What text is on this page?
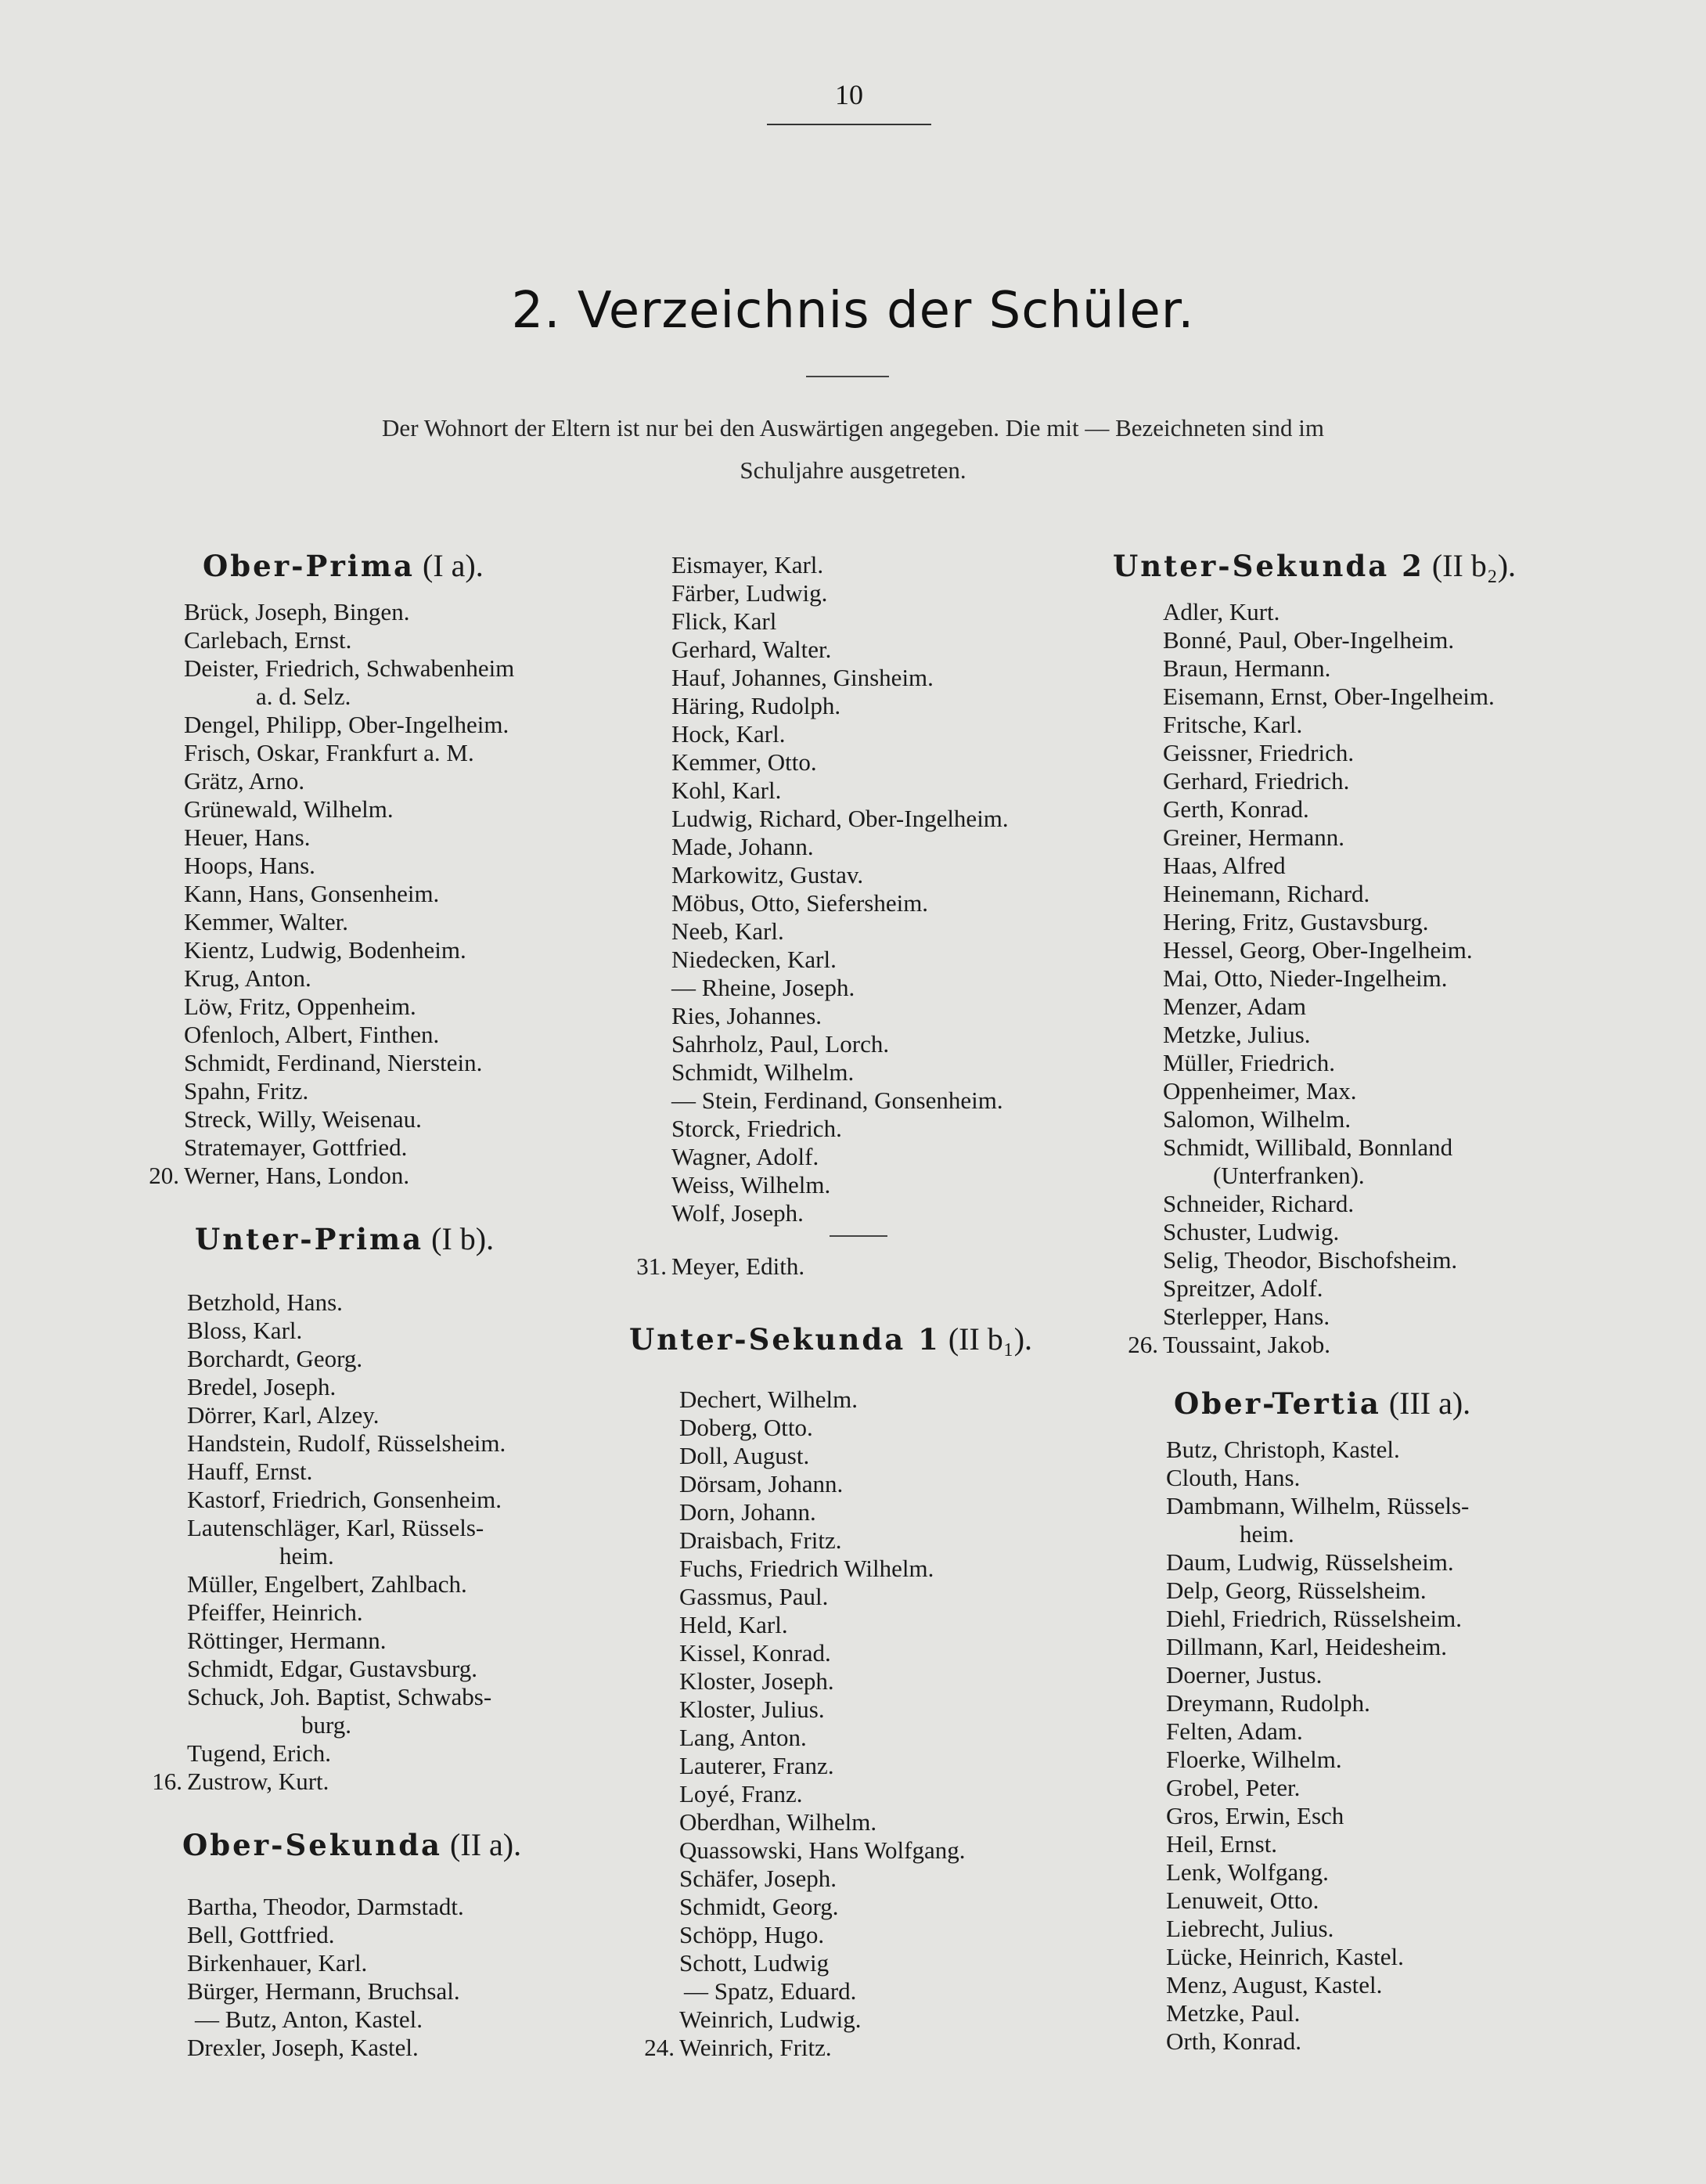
10
2. Verzeichnis der Schüler.
Der Wohnort der Eltern ist nur bei den Auswärtigen angegeben. Die mit — Bezeichneten sind im
Schuljahre ausgetreten.
Ober-Prima (I a).
Brück, Joseph, Bingen.
Carlebach, Ernst.
Deister, Friedrich, Schwabenheim
a. d. Selz.
Dengel, Philipp, Ober-Ingelheim.
Frisch, Oskar, Frankfurt a. M.
Grätz, Arno.
Grünewald, Wilhelm.
Heuer, Hans.
Hoops, Hans.
Kann, Hans, Gonsenheim.
Kemmer, Walter.
Kientz, Ludwig, Bodenheim.
Krug, Anton.
Löw, Fritz, Oppenheim.
Ofenloch, Albert, Finthen.
Schmidt, Ferdinand, Nierstein.
Spahn, Fritz.
Streck, Willy, Weisenau.
Stratemayer, Gottfried.
20. Werner, Hans, London.
Unter-Prima (I b).
Betzhold, Hans.
Bloss, Karl.
Borchardt, Georg.
Bredel, Joseph.
Dörrer, Karl, Alzey.
Handstein, Rudolf, Rüsselsheim.
Hauff, Ernst.
Kastorf, Friedrich, Gonsenheim.
Lautenschläger, Karl, Rüssels-
heim.
Müller, Engelbert, Zahlbach.
Pfeiffer, Heinrich.
Röttinger, Hermann.
Schmidt, Edgar, Gustavsburg.
Schuck, Joh. Baptist, Schwabs-
burg.
Tugend, Erich.
16. Zustrow, Kurt.
Ober-Sekunda (II a).
Bartha, Theodor, Darmstadt.
Bell, Gottfried.
Birkenhauer, Karl.
Bürger, Hermann, Bruchsal.
— Butz, Anton, Kastel.
Drexler, Joseph, Kastel.
Eismayer, Karl.
Färber, Ludwig.
Flick, Karl
Gerhard, Walter.
Hauf, Johannes, Ginsheim.
Häring, Rudolph.
Hock, Karl.
Kemmer, Otto.
Kohl, Karl.
Ludwig, Richard, Ober-Ingelheim.
Made, Johann.
Markowitz, Gustav.
Möbus, Otto, Siefersheim.
Neeb, Karl.
Niedecken, Karl.
— Rheine, Joseph.
Ries, Johannes.
Sahrholz, Paul, Lorch.
Schmidt, Wilhelm.
— Stein, Ferdinand, Gonsenheim.
Storck, Friedrich.
Wagner, Adolf.
Weiss, Wilhelm.
Wolf, Joseph.
31. Meyer, Edith.
Unter-Sekunda 1 (II b₁).
Dechert, Wilhelm.
Doberg, Otto.
Doll, August.
Dörsam, Johann.
Dorn, Johann.
Draisbach, Fritz.
Fuchs, Friedrich Wilhelm.
Gassmus, Paul.
Held, Karl.
Kissel, Konrad.
Kloster, Joseph.
Kloster, Julius.
Lang, Anton.
Lauterer, Franz.
Loyé, Franz.
Oberdhan, Wilhelm.
Quassowski, Hans Wolfgang.
Schäfer, Joseph.
Schmidt, Georg.
Schöpp, Hugo.
Schott, Ludwig
— Spatz, Eduard.
Weinrich, Ludwig.
24. Weinrich, Fritz.
Unter-Sekunda 2 (II b₂).
Adler, Kurt.
Bonné, Paul, Ober-Ingelheim.
Braun, Hermann.
Eisemann, Ernst, Ober-Ingelheim.
Fritsche, Karl.
Geissner, Friedrich.
Gerhard, Friedrich.
Gerth, Konrad.
Greiner, Hermann.
Haas, Alfred
Heinemann, Richard.
Hering, Fritz, Gustavsburg.
Hessel, Georg, Ober-Ingelheim.
Mai, Otto, Nieder-Ingelheim.
Menzer, Adam
Metzke, Julius.
Müller, Friedrich.
Oppenheimer, Max.
Salomon, Wilhelm.
Schmidt, Willibald, Bonnland
(Unterfranken).
Schneider, Richard.
Schuster, Ludwig.
Selig, Theodor, Bischofsheim.
Spreitzer, Adolf.
Sterlepper, Hans.
26. Toussaint, Jakob.
Ober-Tertia (III a).
Butz, Christoph, Kastel.
Clouth, Hans.
Dambmann, Wilhelm, Rüssels-
heim.
Daum, Ludwig, Rüsselsheim.
Delp, Georg, Rüsselsheim.
Diehl, Friedrich, Rüsselsheim.
Dillmann, Karl, Heidesheim.
Doerner, Justus.
Dreymann, Rudolph.
Felten, Adam.
Floerke, Wilhelm.
Grobel, Peter.
Gros, Erwin, Esch
Heil, Ernst.
Lenk, Wolfgang.
Lenuweit, Otto.
Liebrecht, Julius.
Lücke, Heinrich, Kastel.
Menz, August, Kastel.
Metzke, Paul.
Orth, Konrad.
